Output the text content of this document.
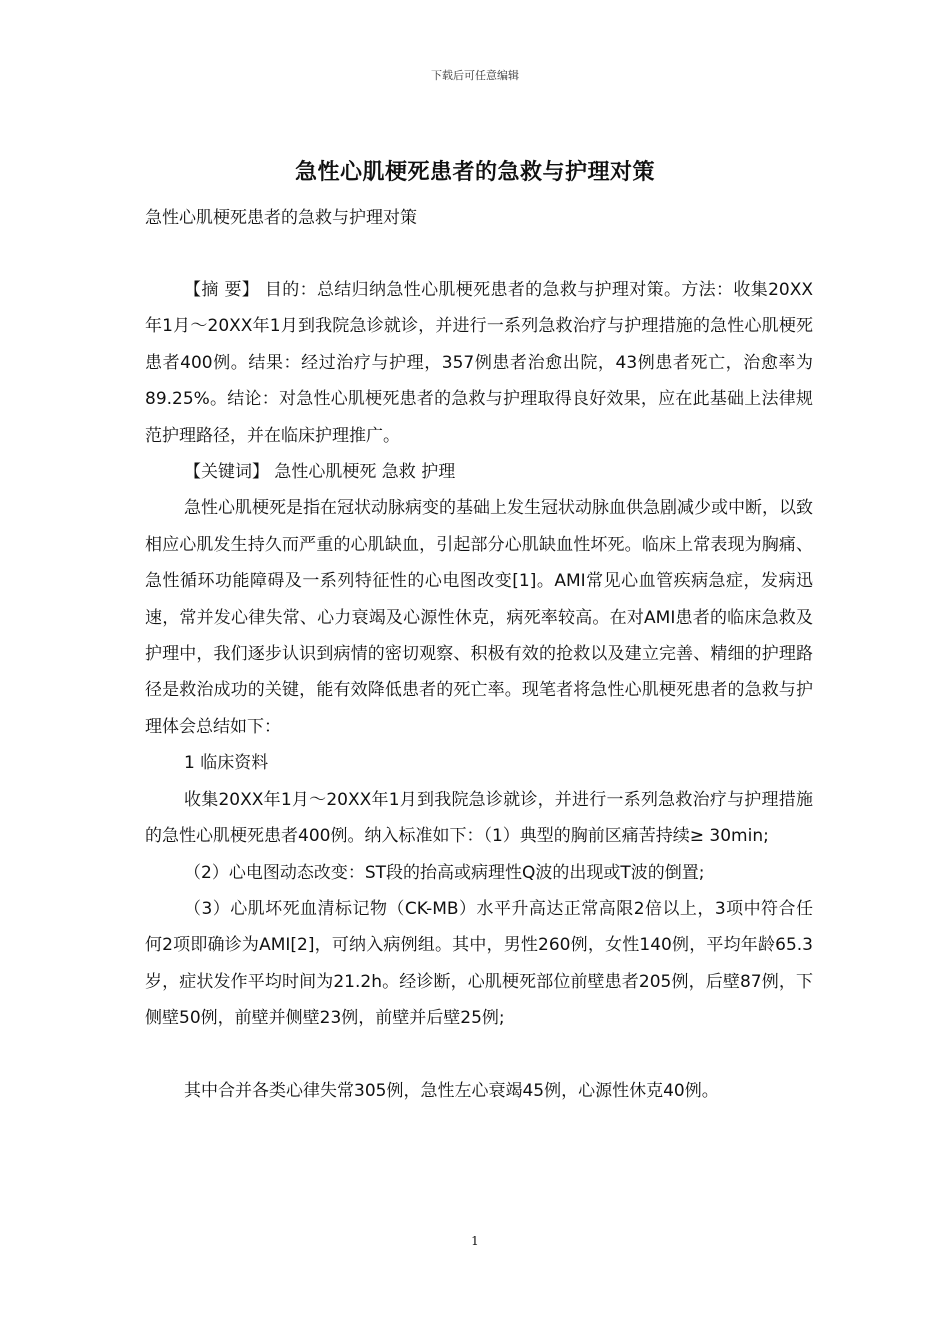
下载后可任意编辑
急性心肌梗死患者的急救与护理对策
急性心肌梗死患者的急救与护理对策

【摘 要】 目的：总结归纳急性心肌梗死患者的急救与护理对策。方法：收集20XX年1月～20XX年1月到我院急诊就诊，并进行一系列急救治疗与护理措施的急性心肌梗死患者400例。结果：经过治疗与护理，357例患者治愈出院，43例患者死亡，治愈率为89.25%。结论：对急性心肌梗死患者的急救与护理取得良好效果，应在此基础上法律规范护理路径，并在临床护理推广。

【关键词】 急性心肌梗死 急救 护理

急性心肌梗死是指在冠状动脉病变的基础上发生冠状动脉血供急剧减少或中断，以致相应心肌发生持久而严重的心肌缺血，引起部分心肌缺血性坏死。临床上常表现为胸痛、急性循环功能障碍及一系列特征性的心电图改变[1]。AMI常见心血管疾病急症，发病迅速，常并发心律失常、心力衰竭及心源性休克，病死率较高。在对AMI患者的临床急救及护理中，我们逐步认识到病情的密切观察、积极有效的抢救以及建立完善、精细的护理路径是救治成功的关键，能有效降低患者的死亡率。现笔者将急性心肌梗死患者的急救与护理体会总结如下：

1 临床资料

收集20XX年1月～20XX年1月到我院急诊就诊，并进行一系列急救治疗与护理措施的急性心肌梗死患者400例。纳入标准如下：（1）典型的胸前区痛苦持续≥ 30min;

（2）心电图动态改变：ST段的抬高或病理性Q波的出现或T波的倒置;

（3）心肌坏死血清标记物（CK-MB）水平升高达正常高限2倍以上，3项中符合任何2项即确诊为AMI[2]，可纳入病例组。其中，男性260例，女性140例，平均年龄65.3岁，症状发作平均时间为21.2h。经诊断，心肌梗死部位前壁患者205例，后壁87例，下侧壁50例，前壁并侧壁23例，前壁并后壁25例;

其中合并各类心律失常305例，急性左心衰竭45例，心源性休克40例。

1
